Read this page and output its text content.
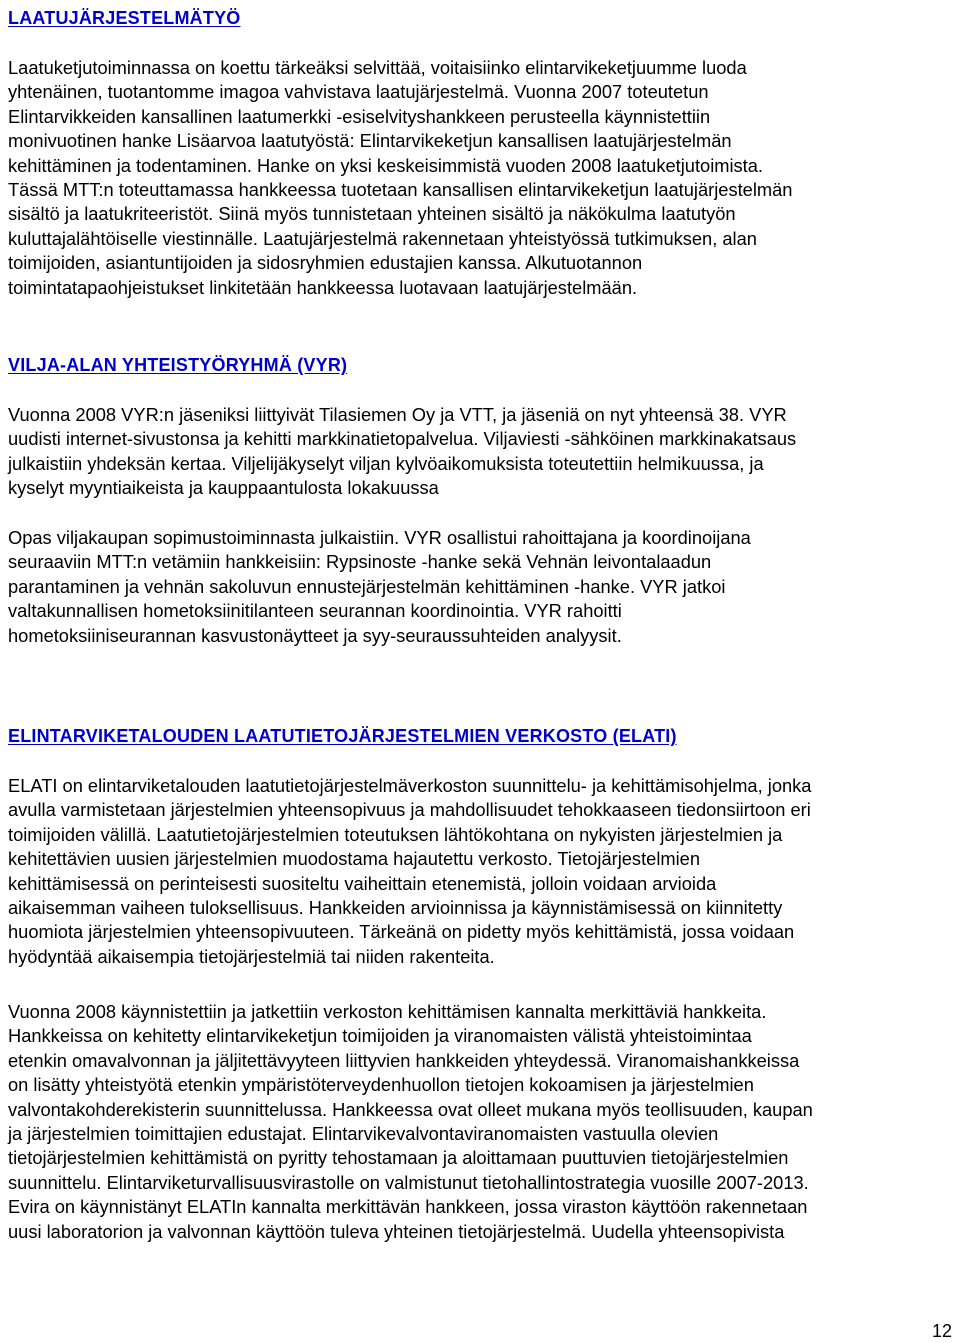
LAATUJÄRJESTELMÄTYÖ
Laatuketjutoiminnassa on koettu tärkeäksi selvittää, voitaisiinko elintarvikeketjuumme luoda
yhtenäinen, tuotantomme imagoa vahvistava laatujärjestelmä. Vuonna 2007 toteutetun
Elintarvikkeiden kansallinen laatumerkki -esiselvityshankkeen perusteella käynnistettiin
monivuotinen hanke Lisäarvoa laatutyöstä: Elintarvikeketjun kansallisen laatujärjestelmän
kehittäminen ja todentaminen. Hanke on yksi keskeisimmistä vuoden 2008 laatuketjutoimista.
Tässä MTT:n toteuttamassa hankkeessa tuotetaan kansallisen elintarvikeketjun laatujärjestelmän
sisältö ja laatukriteeristöt. Siinä myös tunnistetaan yhteinen sisältö ja näkökulma laatutyön
kuluttajalähtöiselle viestinnälle. Laatujärjestelmä rakennetaan yhteistyössä tutkimuksen, alan
toimijoiden, asiantuntijoiden ja sidosryhmien edustajien kanssa. Alkutuotannon
toimintatapaohjeistukset linkitetään hankkeessa luotavaan laatujärjestelmään.
VILJA-ALAN YHTEISTYÖRYHMÄ (VYR)
Vuonna 2008 VYR:n jäseniksi liittyivät Tilasiemen Oy ja VTT, ja jäseniä on nyt yhteensä 38. VYR
uudisti internet-sivustonsa ja kehitti markkinatietopalvelua. Viljaviesti -sähköinen markkinakatsaus
julkaistiin yhdeksän kertaa. Viljelijäkyselyt viljan kylvöaikomuksista toteutettiin helmikuussa, ja
kyselyt myyntiaikeista ja kauppaantulosta lokakuussa
Opas viljakaupan sopimustoiminnasta julkaistiin. VYR osallistui rahoittajana ja koordinoijana
seuraaviin MTT:n vetämiin hankkeisiin: Rypsinoste -hanke sekä Vehnän leivontalaadun
parantaminen ja vehnän sakoluvun ennustejärjestelmän kehittäminen -hanke. VYR jatkoi
valtakunnallisen hometoksiinitilanteen seurannan koordinointia. VYR rahoitti
hometoksiiniseurannan kasvustonäytteet ja syy-seuraussuhteiden analyysit.
ELINTARVIKETALOUDEN LAATUTIETOJÄRJESTELMIEN VERKOSTO (ELATI)
ELATI on elintarviketalouden laatutietojärjestelmäverkoston suunnittelu- ja kehittämisohjelma, jonka
avulla varmistetaan järjestelmien yhteensopivuus ja mahdollisuudet tehokkaaseen tiedonsiirtoon eri
toimijoiden välillä. Laatutietojärjestelmien toteutuksen lähtökohtana on nykyisten järjestelmien ja
kehitettävien uusien järjestelmien muodostama hajautettu verkosto. Tietojärjestelmien
kehittämisessä on perinteisesti suositeltu vaiheittain etenemistä, jolloin voidaan arvioida
aikaisemman vaiheen tuloksellisuus. Hankkeiden arvioinnissa ja käynnistämisessä on kiinnitetty
huomiota järjestelmien yhteensopivuuteen. Tärkeänä on pidetty myös kehittämistä, jossa voidaan
hyödyntää aikaisempia tietojärjestelmiä tai niiden rakenteita.
Vuonna 2008 käynnistettiin ja jatkettiin verkoston kehittämisen kannalta merkittäviä hankkeita.
Hankkeissa on kehitetty elintarvikeketjun toimijoiden ja viranomaisten välistä yhteistoimintaa
etenkin omavalvonnan ja jäljitettävyyteen liittyvien hankkeiden yhteydessä. Viranomaishankkeissa
on lisätty yhteistyötä etenkin ympäristöterveydenhuollon tietojen kokoamisen ja järjestelmien
valvontakohderekisterin suunnittelussa. Hankkeessa ovat olleet mukana myös teollisuuden, kaupan
ja järjestelmien toimittajien edustajat. Elintarvikevalvontaviranomaisten vastuulla olevien
tietojärjestelmien kehittämistä on pyritty tehostamaan ja aloittamaan puuttuvien tietojärjestelmien
suunnittelu. Elintarviketurvallisuusvirastolle on valmistunut tietohallintostrategia vuosille 2007-2013.
Evira on käynnistänyt ELATIn kannalta merkittävän hankkeen, jossa viraston käyttöön rakennetaan
uusi laboratorion ja valvonnan käyttöön tuleva yhteinen tietojärjestelmä. Uudella yhteensopivista
12
